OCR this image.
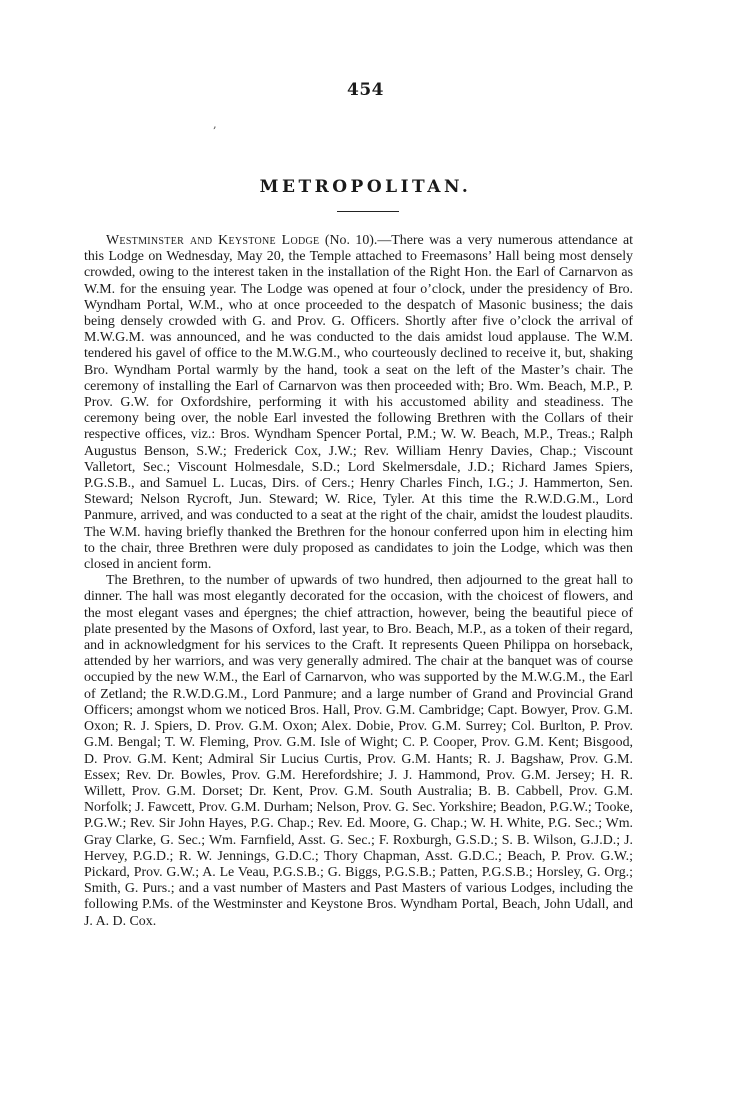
454
‚
METROPOLITAN.

Westminster and Keystone Lodge (No. 10).—There was a very numerous attendance at this Lodge on Wednesday, May 20, the Temple attached to Freemasons’ Hall being most densely crowded, owing to the interest taken in the installation of the Right Hon. the Earl of Carnarvon as W.M. for the ensuing year. The Lodge was opened at four o’clock, under the presidency of Bro. Wyndham Portal, W.M., who at once proceeded to the despatch of Masonic business; the dais being densely crowded with G. and Prov. G. Officers. Shortly after five o’clock the arrival of M.W.G.M. was announced, and he was conducted to the dais amidst loud applause. The W.M. tendered his gavel of office to the M.W.G.M., who courteously declined to receive it, but, shaking Bro. Wyndham Portal warmly by the hand, took a seat on the left of the Master’s chair. The ceremony of installing the Earl of Carnarvon was then proceeded with; Bro. Wm. Beach, M.P., P. Prov. G.W. for Oxfordshire, performing it with his accustomed ability and steadiness. The ceremony being over, the noble Earl invested the following Brethren with the Collars of their respective offices, viz.: Bros. Wyndham Spencer Portal, P.M.; W. W. Beach, M.P., Treas.; Ralph Augustus Benson, S.W.; Frederick Cox, J.W.; Rev. William Henry Davies, Chap.; Viscount Valletort, Sec.; Viscount Holmesdale, S.D.; Lord Skelmersdale, J.D.; Richard James Spiers, P.G.S.B., and Samuel L. Lucas, Dirs. of Cers.; Henry Charles Finch, I.G.; J. Hammerton, Sen. Steward; Nelson Rycroft, Jun. Steward; W. Rice, Tyler. At this time the R.W.D.G.M., Lord Panmure, arrived, and was conducted to a seat at the right of the chair, amidst the loudest plaudits. The W.M. having briefly thanked the Brethren for the honour conferred upon him in electing him to the chair, three Brethren were duly proposed as candidates to join the Lodge, which was then closed in ancient form.

The Brethren, to the number of upwards of two hundred, then adjourned to the great hall to dinner. The hall was most elegantly decorated for the occasion, with the choicest of flowers, and the most elegant vases and épergnes; the chief attraction, however, being the beautiful piece of plate presented by the Masons of Oxford, last year, to Bro. Beach, M.P., as a token of their regard, and in acknowledgment for his services to the Craft. It represents Queen Philippa on horseback, attended by her warriors, and was very generally admired. The chair at the banquet was of course occupied by the new W.M., the Earl of Carnarvon, who was supported by the M.W.G.M., the Earl of Zetland; the R.W.D.G.M., Lord Panmure; and a large number of Grand and Provincial Grand Officers; amongst whom we noticed Bros. Hall, Prov. G.M. Cambridge; Capt. Bowyer, Prov. G.M. Oxon; R. J. Spiers, D. Prov. G.M. Oxon; Alex. Dobie, Prov. G.M. Surrey; Col. Burlton, P. Prov. G.M. Bengal; T. W. Fleming, Prov. G.M. Isle of Wight; C. P. Cooper, Prov. G.M. Kent; Bisgood, D. Prov. G.M. Kent; Admiral Sir Lucius Curtis, Prov. G.M. Hants; R. J. Bagshaw, Prov. G.M. Essex; Rev. Dr. Bowles, Prov. G.M. Herefordshire; J. J. Hammond, Prov. G.M. Jersey; H. R. Willett, Prov. G.M. Dorset; Dr. Kent, Prov. G.M. South Australia; B. B. Cabbell, Prov. G.M. Norfolk; J. Fawcett, Prov. G.M. Durham; Nelson, Prov. G. Sec. Yorkshire; Beadon, P.G.W.; Tooke, P.G.W.; Rev. Sir John Hayes, P.G. Chap.; Rev. Ed. Moore, G. Chap.; W. H. White, P.G. Sec.; Wm. Gray Clarke, G. Sec.; Wm. Farnfield, Asst. G. Sec.; F. Roxburgh, G.S.D.; S. B. Wilson, G.J.D.; J. Hervey, P.G.D.; R. W. Jennings, G.D.C.; Thory Chapman, Asst. G.D.C.; Beach, P. Prov. G.W.; Pickard, Prov. G.W.; A. Le Veau, P.G.S.B.; G. Biggs, P.G.S.B.; Patten, P.G.S.B.; Horsley, G. Org.; Smith, G. Purs.; and a vast number of Masters and Past Masters of various Lodges, including the following P.Ms. of the Westminster and Keystone Bros. Wyndham Portal, Beach, John Udall, and J. A. D. Cox.
